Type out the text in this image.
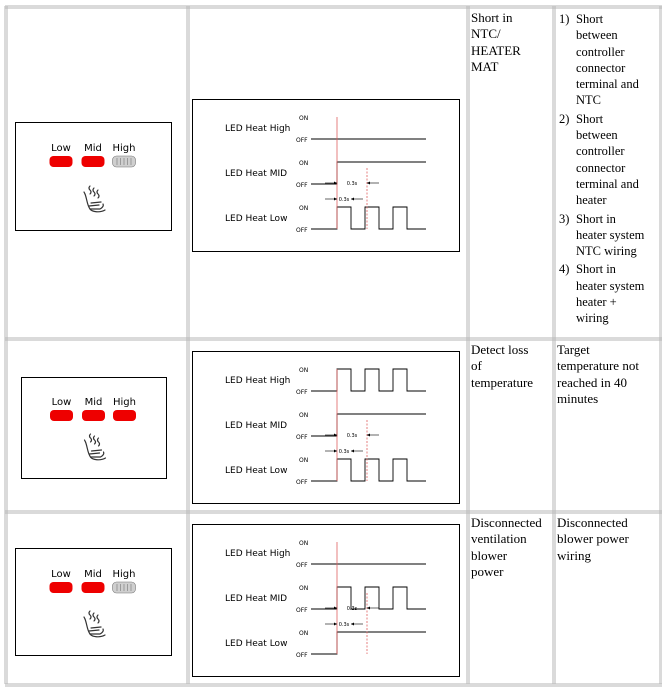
Low Mid High
LED Heat High
ON
OFF
LED Heat MID
ON
OFF
LED Heat Low
ON
OFF
0.3s
0.3s
Low Mid High
LED Heat High
ON
OFF
LED Heat MID
ON
OFF
LED Heat Low
ON
OFF
0.3s
0.3s
Low Mid High
LED Heat High
ON
OFF
LED Heat MID
ON
OFF
LED Heat Low
ON
OFF
0.3s
0.3s

Short in

NTC/

HEATER

MAT

1) Short
between
controller
connector
terminal and
NTC
2) Short
between
controller
connector
terminal and
heater
3) Short in
heater system
NTC wiring
4) Short in
heater system
heater +
wiring

Detect loss

of

temperature

Target

temperature not

reached in 40

minutes

Disconnected

ventilation

blower

power

Disconnected

blower power

wiring
